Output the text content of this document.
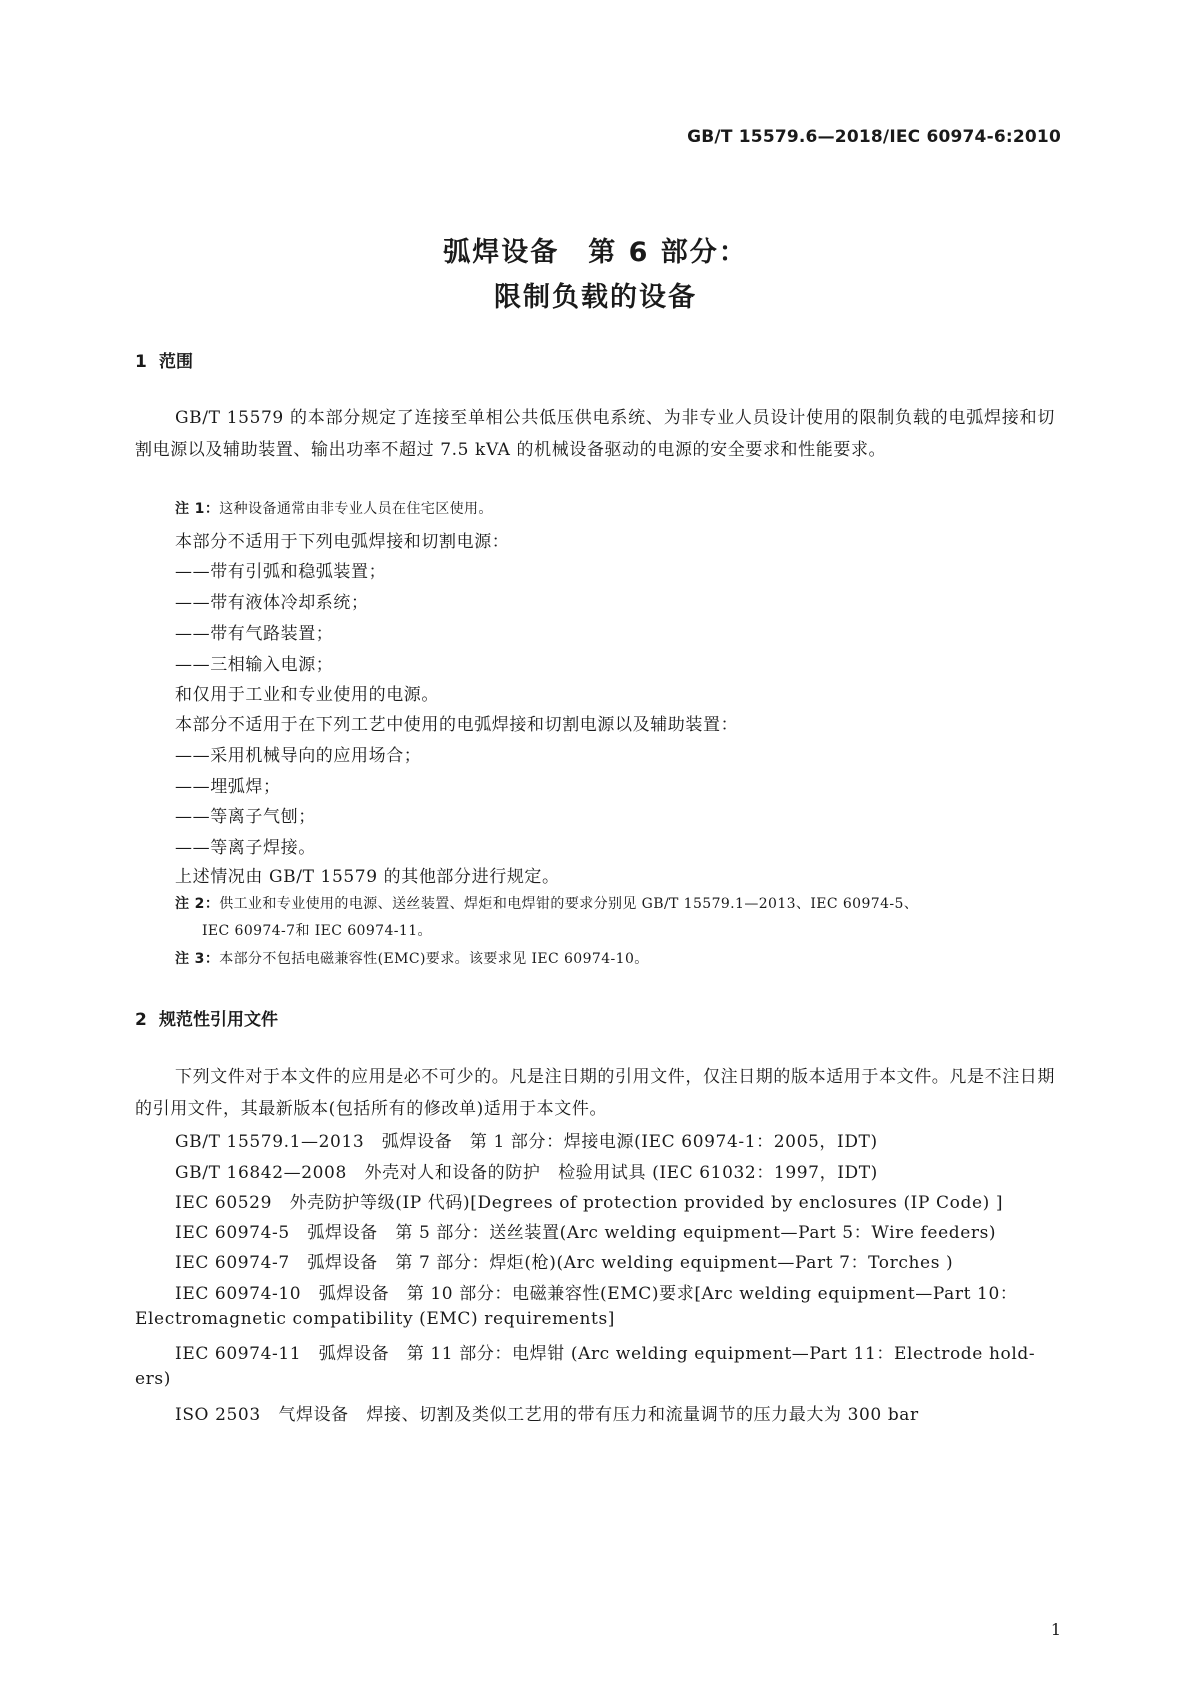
GB/T 15579.6—2018/IEC 60974-6:2010
弧焊设备　第 6 部分：
限制负载的设备
1 范围
GB/T 15579 的本部分规定了连接至单相公共低压供电系统、为非专业人员设计使用的限制负载的电弧焊接和切割电源以及辅助装置、输出功率不超过 7.5 kVA 的机械设备驱动的电源的安全要求和性能要求。
注 1：这种设备通常由非专业人员在住宅区使用。
本部分不适用于下列电弧焊接和切割电源：
——带有引弧和稳弧装置；
——带有液体冷却系统；
——带有气路装置；
——三相输入电源；
和仅用于工业和专业使用的电源。
本部分不适用于在下列工艺中使用的电弧焊接和切割电源以及辅助装置：
——采用机械导向的应用场合；
——埋弧焊；
——等离子气刨；
——等离子焊接。
上述情况由 GB/T 15579 的其他部分进行规定。
注 2：供工业和专业使用的电源、送丝装置、焊炬和电焊钳的要求分别见 GB/T 15579.1—2013、IEC 60974-5、
IEC 60974-7和 IEC 60974-11。
注 3：本部分不包括电磁兼容性(EMC)要求。该要求见 IEC 60974-10。
2 规范性引用文件
下列文件对于本文件的应用是必不可少的。凡是注日期的引用文件，仅注日期的版本适用于本文件。凡是不注日期的引用文件，其最新版本(包括所有的修改单)适用于本文件。
GB/T 15579.1—2013　弧焊设备　第 1 部分：焊接电源(IEC 60974-1：2005，IDT)
GB/T 16842—2008　外壳对人和设备的防护　检验用试具 (IEC 61032：1997，IDT)
IEC 60529　外壳防护等级(IP 代码)[Degrees of protection provided by enclosures (IP Code) ]
IEC 60974-5　弧焊设备　第 5 部分：送丝装置(Arc welding equipment—Part 5：Wire feeders)
IEC 60974-7　弧焊设备　第 7 部分：焊炬(枪)(Arc welding equipment—Part 7：Torches )
IEC 60974-10　弧焊设备　第 10 部分：电磁兼容性(EMC)要求[Arc welding equipment—Part 10：
Electromagnetic compatibility (EMC) requirements]
IEC 60974-11　弧焊设备　第 11 部分：电焊钳 (Arc welding equipment—Part 11：Electrode hold-
ers)
ISO 2503　气焊设备　焊接、切割及类似工艺用的带有压力和流量调节的压力最大为 300 bar
1
